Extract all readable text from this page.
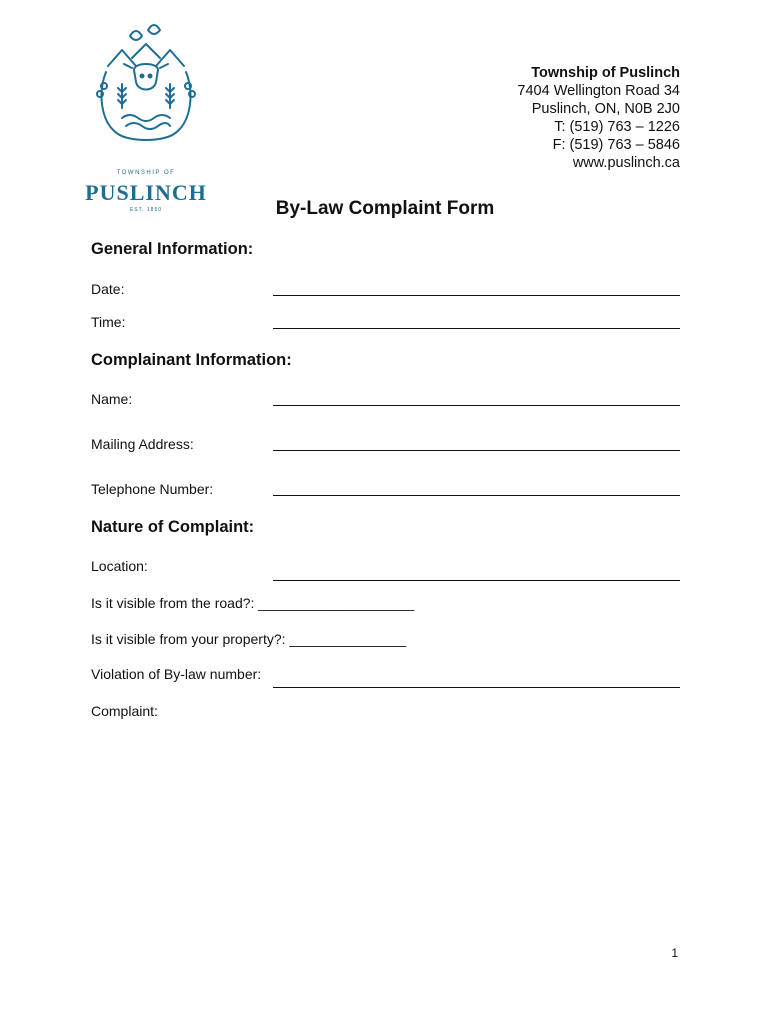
TOWNSHIP OF
PUSLINCH
EST. 1850
Township of Puslinch
7404 Wellington Road 34
Puslinch, ON, N0B 2J0
T: (519) 763 – 1226
F: (519) 763 – 5846
www.puslinch.ca
By-Law Complaint Form
General Information:
Date:
Time:
Complainant Information:
Name:
Mailing Address:
Telephone Number:
Nature of Complaint:
Location:
Is it visible from the road?: ____________________
Is it visible from your property?: _______________
Violation of By-law number:
Complaint:
1
